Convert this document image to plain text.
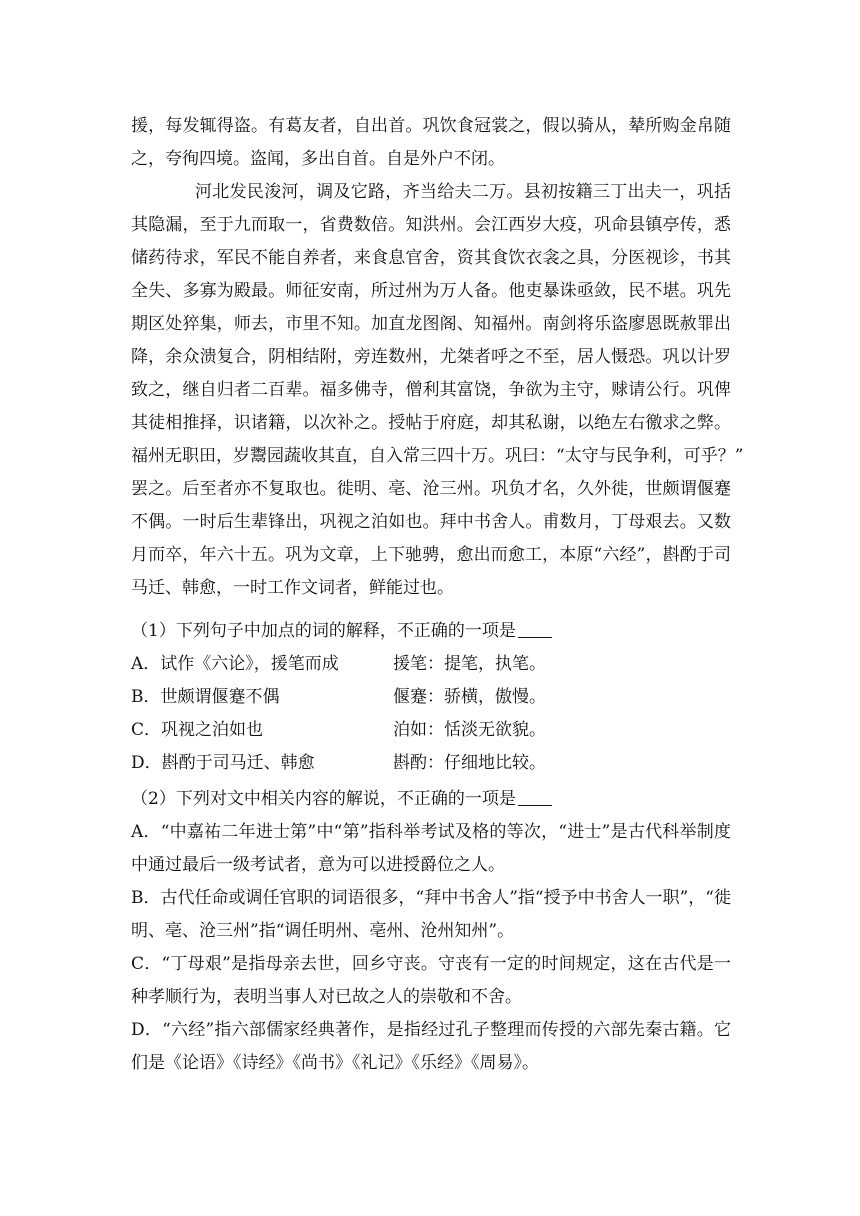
援，每发辄得盗。有葛友者，自出首。巩饮食冠裳之，假以骑从，辇所购金帛随
之，夸徇四境。盗闻，多出自首。自是外户不闭。
河北发民浚河，调及它路，齐当给夫二万。县初按籍三丁出夫一，巩括
其隐漏，至于九而取一，省费数倍。知洪州。会江西岁大疫，巩命县镇亭传，悉
储药待求，军民不能自养者，来食息官舍，资其食饮衣衾之具，分医视诊，书其
全失、多寡为殿最。师征安南，所过州为万人备。他吏暴诛亟敛，民不堪。巩先
期区处猝集，师去，市里不知。加直龙图阁、知福州。南剑将乐盗廖恩既赦罪出
降，余众溃复合，阴相结附，旁连数州，尤桀者呼之不至，居人慑恐。巩以计罗
致之，继自归者二百辈。福多佛寺，僧利其富饶，争欲为主守，赇请公行。巩俾
其徒相推择，识诸籍，以次补之。授帖于府庭，却其私谢，以绝左右徼求之弊。
福州无职田，岁鬻园蔬收其直，自入常三四十万。巩曰：“太守与民争利，可乎？”
罢之。后至者亦不复取也。徙明、亳、沧三州。巩负才名，久外徙，世颇谓偃蹇
不偶。一时后生辈锋出，巩视之泊如也。拜中书舍人。甫数月，丁母艰去。又数
月而卒，年六十五。巩为文章，上下驰骋，愈出而愈工，本原“六经”，斟酌于司
马迁、韩愈，一时工作文词者，鲜能过也。
（1）下列句子中加点的词的解释，不正确的一项是
A．试作《六论》，援笔而成	援笔：提笔，执笔。
B．世颇谓偃蹇不偶	偃蹇：骄横，傲慢。
C．巩视之泊如也	泊如：恬淡无欲貌。
D．斟酌于司马迁、韩愈	斟酌：仔细地比较。
（2）下列对文中相关内容的解说，不正确的一项是
A．“中嘉祐二年进士第”中“第”指科举考试及格的等次，“进士”是古代科举制度
中通过最后一级考试者，意为可以进授爵位之人。
B．古代任命或调任官职的词语很多，“拜中书舍人”指“授予中书舍人一职”，“徙
明、亳、沧三州”指“调任明州、亳州、沧州知州”。
C．“丁母艰”是指母亲去世，回乡守丧。守丧有一定的时间规定，这在古代是一
种孝顺行为，表明当事人对已故之人的崇敬和不舍。
D．“六经”指六部儒家经典著作，是指经过孔子整理而传授的六部先秦古籍。它
们是《论语》《诗经》《尚书》《礼记》《乐经》《周易》。
